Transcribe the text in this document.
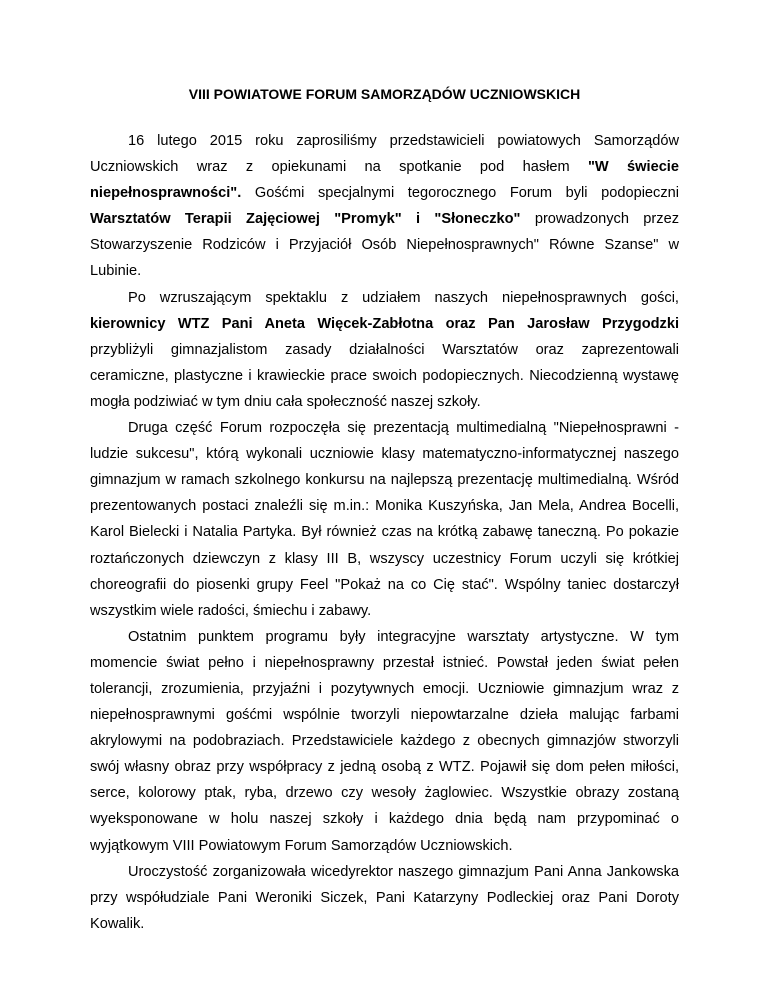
VIII POWIATOWE FORUM SAMORZĄDÓW UCZNIOWSKICH

16 lutego 2015 roku zaprosiliśmy przedstawicieli powiatowych Samorządów Uczniowskich wraz z opiekunami na spotkanie pod hasłem "W świecie niepełnosprawności". Gośćmi specjalnymi tegorocznego Forum byli podopieczni Warsztatów Terapii Zajęciowej "Promyk" i "Słoneczko" prowadzonych przez Stowarzyszenie Rodziców i Przyjaciół Osób Niepełnosprawnych" Równe Szanse" w Lubinie.

Po wzruszającym spektaklu z udziałem naszych niepełnosprawnych gości, kierownicy WTZ Pani Aneta Więcek-Zabłotna oraz Pan Jarosław Przygodzki przybliżyli gimnazjalistom zasady działalności Warsztatów oraz zaprezentowali ceramiczne, plastyczne i krawieckie prace swoich podopiecznych. Niecodzienną wystawę mogła podziwiać w tym dniu cała społeczność naszej szkoły.

Druga część Forum rozpoczęła się prezentacją multimedialną "Niepełnosprawni - ludzie sukcesu", którą wykonali uczniowie klasy matematyczno-informatycznej naszego gimnazjum w ramach szkolnego konkursu na najlepszą prezentację multimedialną. Wśród prezentowanych postaci znaleźli się m.in.: Monika Kuszyńska, Jan Mela, Andrea Bocelli, Karol Bielecki i Natalia Partyka. Był również czas na krótką zabawę taneczną. Po pokazie roztańczonych dziewczyn z klasy III B, wszyscy uczestnicy Forum uczyli się krótkiej choreografii do piosenki grupy Feel "Pokaż na co Cię stać". Wspólny taniec dostarczył wszystkim wiele radości, śmiechu i zabawy.

Ostatnim punktem programu były integracyjne warsztaty artystyczne. W tym momencie świat pełno i niepełnosprawny przestał istnieć. Powstał jeden świat pełen tolerancji, zrozumienia, przyjaźni i pozytywnych emocji. Uczniowie gimnazjum wraz z niepełnosprawnymi gośćmi wspólnie tworzyli niepowtarzalne dzieła malując farbami akrylowymi na podobraziach. Przedstawiciele każdego z obecnych gimnazjów stworzyli swój własny obraz przy współpracy z jedną osobą z WTZ. Pojawił się dom pełen miłości, serce, kolorowy ptak, ryba, drzewo czy wesoły żaglowiec. Wszystkie obrazy zostaną wyeksponowane w holu naszej szkoły i każdego dnia będą nam przypominać o wyjątkowym VIII Powiatowym Forum Samorządów Uczniowskich.

Uroczystość zorganizowała wicedyrektor naszego gimnazjum Pani Anna Jankowska przy współudziale Pani Weroniki Siczek, Pani Katarzyny Podleckiej oraz Pani Doroty Kowalik.
